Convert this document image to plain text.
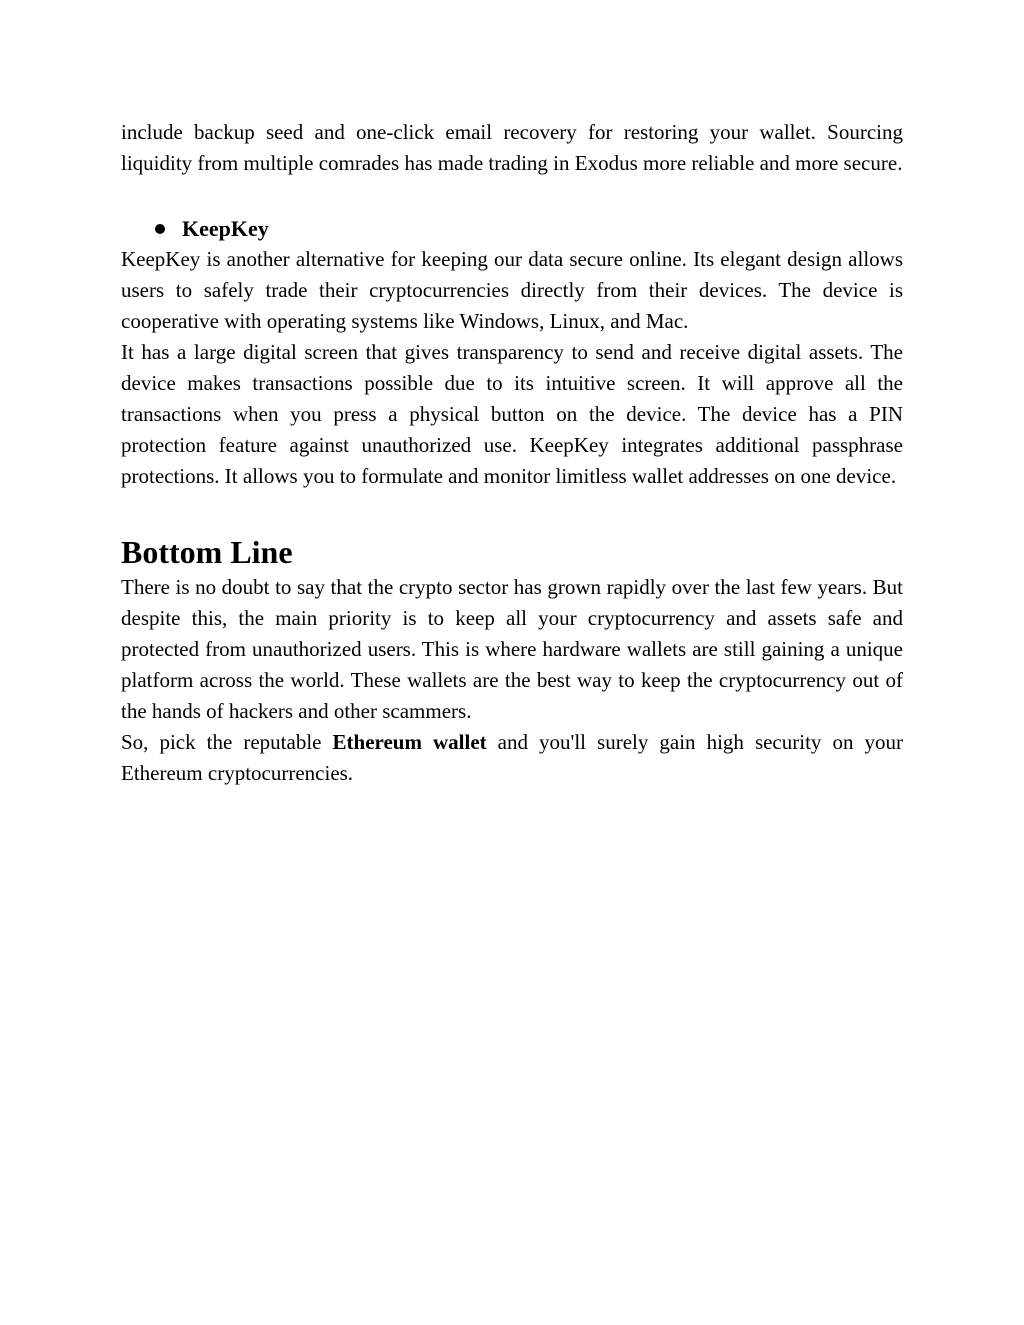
include backup seed and one-click email recovery for restoring your wallet. Sourcing liquidity from multiple comrades has made trading in Exodus more reliable and more secure.

KeepKey

KeepKey is another alternative for keeping our data secure online. Its elegant design allows users to safely trade their cryptocurrencies directly from their devices. The device is cooperative with operating systems like Windows, Linux, and Mac.

It has a large digital screen that gives transparency to send and receive digital assets. The device makes transactions possible due to its intuitive screen. It will approve all the transactions when you press a physical button on the device. The device has a PIN protection feature against unauthorized use. KeepKey integrates additional passphrase protections. It allows you to formulate and monitor limitless wallet addresses on one device.

Bottom Line

There is no doubt to say that the crypto sector has grown rapidly over the last few years. But despite this, the main priority is to keep all your cryptocurrency and assets safe and protected from unauthorized users. This is where hardware wallets are still gaining a unique platform across the world. These wallets are the best way to keep the cryptocurrency out of the hands of hackers and other scammers.

So, pick the reputable Ethereum wallet and you'll surely gain high security on your Ethereum cryptocurrencies.
